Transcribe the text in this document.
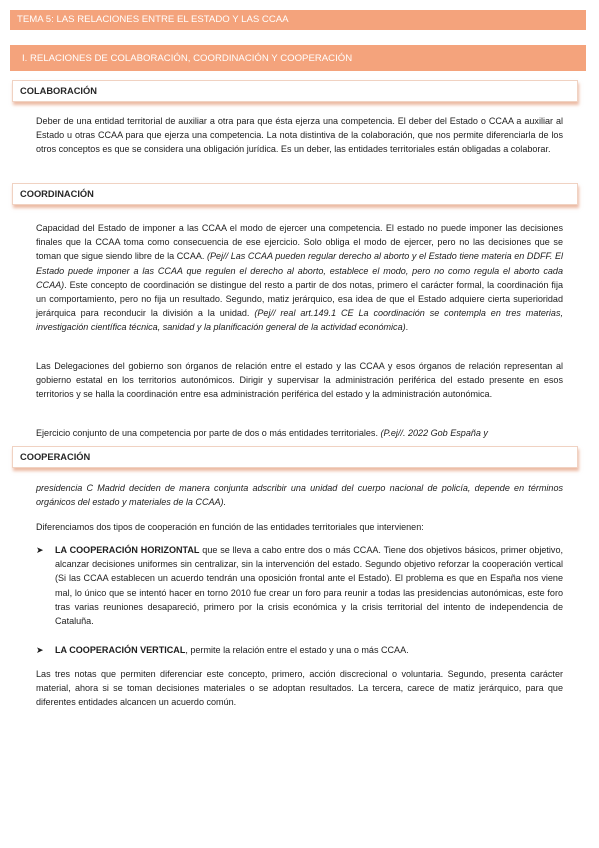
TEMA 5: LAS RELACIONES ENTRE EL ESTADO Y LAS CCAA
I. RELACIONES DE COLABORACIÓN, COORDINACIÓN Y COOPERACIÓN
COLABORACIÓN

Deber de una entidad territorial de auxiliar a otra para que ésta ejerza una competencia. El deber del Estado o CCAA a auxiliar al Estado u otras CCAA para que ejerza una competencia. La nota distintiva de la colaboración, que nos permite diferenciarla de los otros conceptos es que se considera una obligación jurídica. Es un deber, las entidades territoriales están obligadas a colaborar.

COORDINACIÓN

Capacidad del Estado de imponer a las CCAA el modo de ejercer una competencia. El estado no puede imponer las decisiones finales que la CCAA toma como consecuencia de ese ejercicio. Solo obliga el modo de ejercer, pero no las decisiones que se toman que sigue siendo libre de la CCAA. (Pej// Las CCAA pueden regular derecho al aborto y el Estado tiene materia en DDFF. El Estado puede imponer a las CCAA que regulen el derecho al aborto, establece el modo, pero no como regula el aborto cada CCAA). Este concepto de coordinación se distingue del resto a partir de dos notas, primero el carácter formal, la coordinación fija un comportamiento, pero no fija un resultado. Segundo, matiz jerárquico, esa idea de que el Estado adquiere cierta superioridad jerárquica para reconducir la división a la unidad. (Pej// real art.149.1 CE La coordinación se contempla en tres materias, investigación científica técnica, sanidad y la planificación general de la actividad económica).

Las Delegaciones del gobierno son órganos de relación entre el estado y las CCAA y esos órganos de relación representan al gobierno estatal en los territorios autonómicos. Dirigir y supervisar la administración periférica del estado presente en esos territorios y se halla la coordinación entre esa administración periférica del estado y la administración autonómica.

Ejercicio conjunto de una competencia por parte de dos o más entidades territoriales. (P.ej//. 2022 Gob España y

COOPERACIÓN

presidencia C Madrid deciden de manera conjunta adscribir una unidad del cuerpo nacional de policía, depende en términos orgánicos del estado y materiales de la CCAA).

Diferenciamos dos tipos de cooperación en función de las entidades territoriales que intervienen:

➤ LA COOPERACIÓN HORIZONTAL que se lleva a cabo entre dos o más CCAA. Tiene dos objetivos básicos, primer objetivo, alcanzar decisiones uniformes sin centralizar, sin la intervención del estado. Segundo objetivo reforzar la cooperación vertical (Si las CCAA establecen un acuerdo tendrán una oposición frontal ante el Estado). El problema es que en España nos viene mal, lo único que se intentó hacer en torno 2010 fue crear un foro para reunir a todas las presidencias autonómicas, este foro tras varias reuniones desapareció, primero por la crisis económica y la crisis territorial del intento de independencia de Cataluña.
➤ LA COOPERACIÓN VERTICAL, permite la relación entre el estado y una o más CCAA.

Las tres notas que permiten diferenciar este concepto, primero, acción discrecional o voluntaria. Segundo, presenta carácter material, ahora si se toman decisiones materiales o se adoptan resultados. La tercera, carece de matiz jerárquico, para que diferentes entidades alcancen un acuerdo común.
